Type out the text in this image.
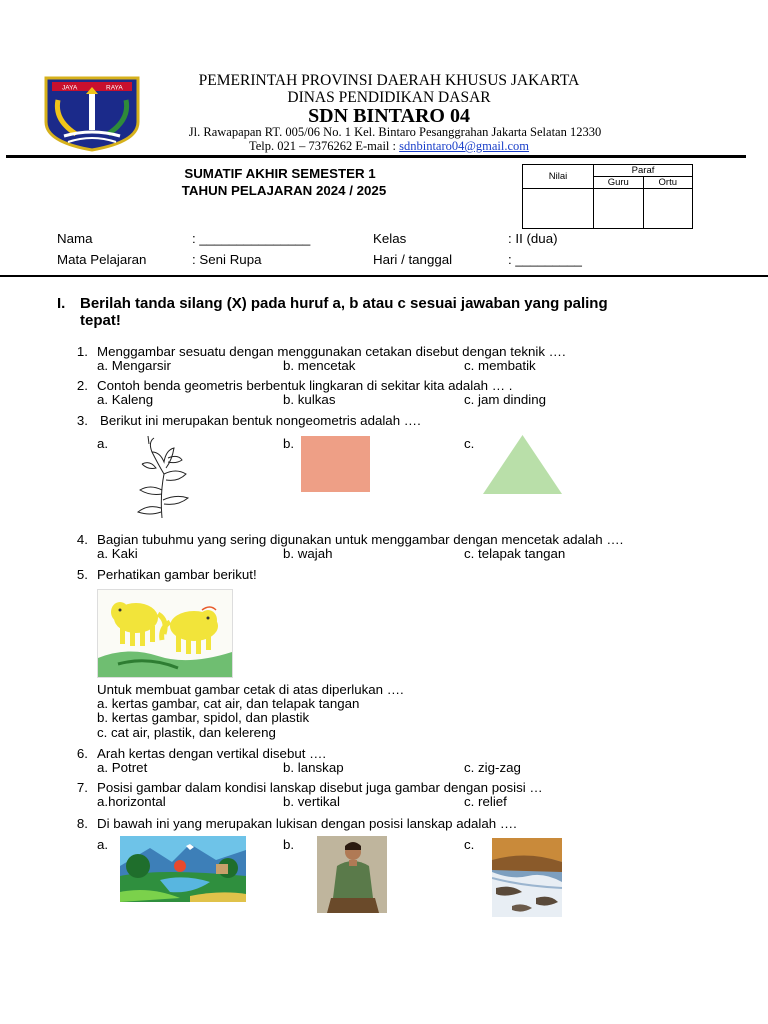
JAYA	RAYA	PEMERINTAH PROVINSI DAERAH KHUSUS JAKARTA
DINAS PENDIDIKAN DASAR
SDN BINTARO 04
Jl. Rawapapan RT. 005/06 No. 1 Kel. Bintaro Pesanggrahan Jakarta Selatan 12330
Telp. 021 – 7376262 E-mail : sdnbintaro04@gmail.com
SUMATIF AKHIR SEMESTER 1
TAHUN PELAJARAN 2024 / 2025
Nilai	Paraf	
	Guru	Ortu

Nama	: _______________	Kelas	: II (dua)
Mata Pelajaran	: Seni Rupa	Hari / tanggal	: _________
I. Berilah tanda silang (X) pada huruf a, b atau c sesuai jawaban yang paling
tepat!
1. Menggambar sesuatu dengan menggunakan cetakan disebut dengan teknik ….
a. Mengarsir	b. mencetak	c. membatik
2. Contoh benda geometris berbentuk lingkaran di sekitar kita adalah … .
a. Kaleng	b. kulkas	c. jam dinding
3. Berikut ini merupakan bentuk nongeometris adalah ….
a.	b.	c.
4. Bagian tubuhmu yang sering digunakan untuk menggambar dengan mencetak adalah ….
a. Kaki	b. wajah	c. telapak tangan
5. Perhatikan gambar berikut!
Untuk membuat gambar cetak di atas diperlukan ….
a. kertas gambar, cat air, dan telapak tangan
b. kertas gambar, spidol, dan plastik
c. cat air, plastik, dan kelereng
6. Arah kertas dengan vertikal disebut ….
a. Potret	b. lanskap	c. zig-zag
7. Posisi gambar dalam kondisi lanskap disebut juga gambar dengan posisi …
a.horizontal	b. vertikal	c. relief
8. Di bawah ini yang merupakan lukisan dengan posisi lanskap adalah ….
a.	b.	c.
